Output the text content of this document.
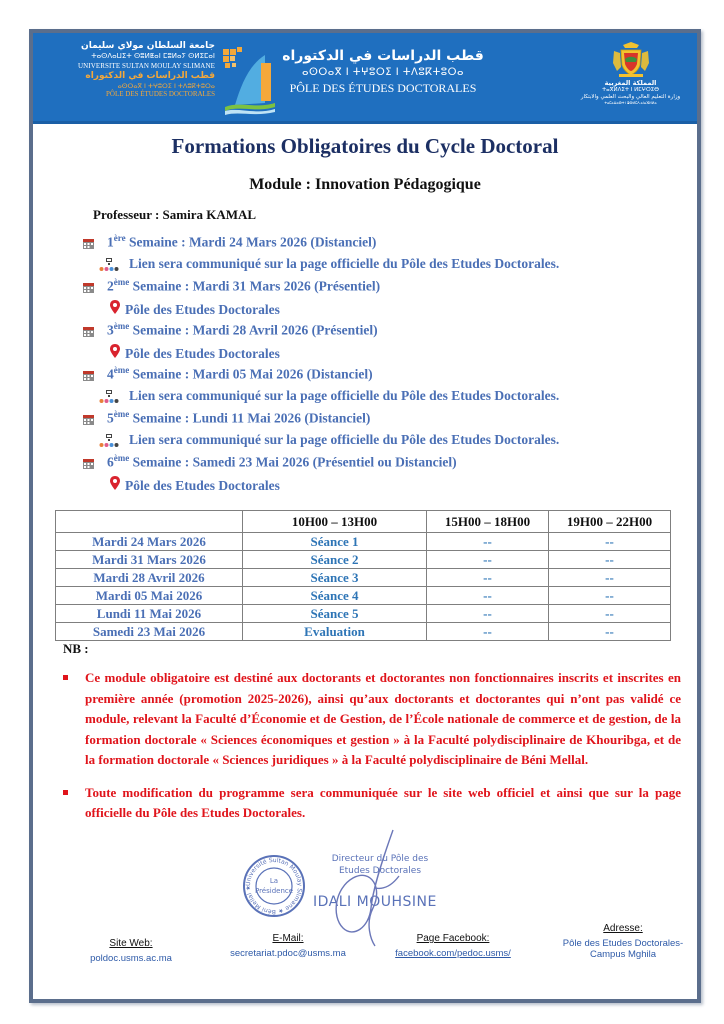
جامعة السلطان مولاي سليمان
ⵜⴰⵙⴷⴰⵡⵉⵜ ⵙⵓⵍⵟⴰⵏ ⵎⵓⵍⴰⵢ ⵙⵍⵉⵎⴰⵏ
UNIVERSITE SULTAN MOULAY SLIMANE
قطب الدراسات في الدكتوراه
ⴰⵙⵔⴰⴳ ⵏ ⵜⵖⵓⵔⵉ ⵏ ⵜⴷⵓⴽⵜⵓⵔⴰ
PÔLE DES ÉTUDES DOCTORALES
قطب الدراسات في الدكتوراه
ⴰⵙⵔⴰⴳ ⵏ ⵜⵖⵓⵔⵉ ⵏ ⵜⴷⵓⴽⵜⵓⵔⴰ
PÔLE DES ÉTUDES DOCTORALES	المملكة المغربية
ⵜⴰⴳⵍⴷⵉⵜ ⵏ ⵍⵎⵖⵔⵉⴱ
وزارة التعليم العالي والبحث العلمي والابتكار
ⵜⴰⵎⴰⵡⴰⵙⵜ ⵏ ⵓⵙⵍⵎⴷ ⴰⵏⴰⴼⵍⵍⴰ
Formations Obligatoires du Cycle Doctoral
Module : Innovation Pédagogique
Professeur : Samira KAMAL
1ère Semaine : Mardi 24 Mars 2026 (Distanciel)
Lien sera communiqué sur la page officielle du Pôle des Etudes Doctorales.
2ème Semaine : Mardi 31 Mars 2026 (Présentiel)
Pôle des Etudes Doctorales
3ème Semaine : Mardi 28 Avril 2026 (Présentiel)
Pôle des Etudes Doctorales
4ème Semaine : Mardi 05 Mai 2026 (Distanciel)
Lien sera communiqué sur la page officielle du Pôle des Etudes Doctorales.
5ème Semaine : Lundi 11 Mai 2026 (Distanciel)
Lien sera communiqué sur la page officielle du Pôle des Etudes Doctorales.
6ème Semaine : Samedi 23 Mai 2026 (Présentiel ou Distanciel)
Pôle des Etudes Doctorales
	10H00 – 13H00	15H00 – 18H00	19H00 – 22H00
Mardi 24 Mars 2026	Séance 1	--	--
Mardi 31 Mars 2026	Séance 2	--	--
Mardi 28 Avril 2026	Séance 3	--	--
Mardi 05 Mai 2026	Séance 4	--	--
Lundi 11 Mai 2026	Séance 5	--	--
Samedi 23 Mai 2026	Evaluation	--	--
NB :
Ce module obligatoire est destiné aux doctorants et doctorantes non fonctionnaires inscrits et inscrites en première année (promotion 2025-2026), ainsi qu’aux doctorants et doctorantes qui n’ont pas validé ce module, relevant la Faculté d’Économie et de Gestion, de l’École nationale de commerce et de gestion, de la formation doctorale « Sciences économiques et gestion » à la Faculté polydisciplinaire de Khouribga, et de la formation doctorale « Sciences juridiques » à la Faculté polydisciplinaire de Béni Mellal.
Toute modification du programme sera communiquée sur le site web officiel et ainsi que sur la page officielle du Pôle des Etudes Doctorales.
Université Sultan Moulay Slimane ★ Béni Mellal ★
La
Présidence
Directeur du Pôle des Etudes Doctorales
IDALI MOUHSINE
Site Web:
poldoc.usms.ac.ma
E-Mail:
secretariat.pdoc@usms.ma
Page Facebook:
facebook.com/pedoc.usms/
Adresse:
Pôle des Etudes Doctorales-
Campus Mghila
